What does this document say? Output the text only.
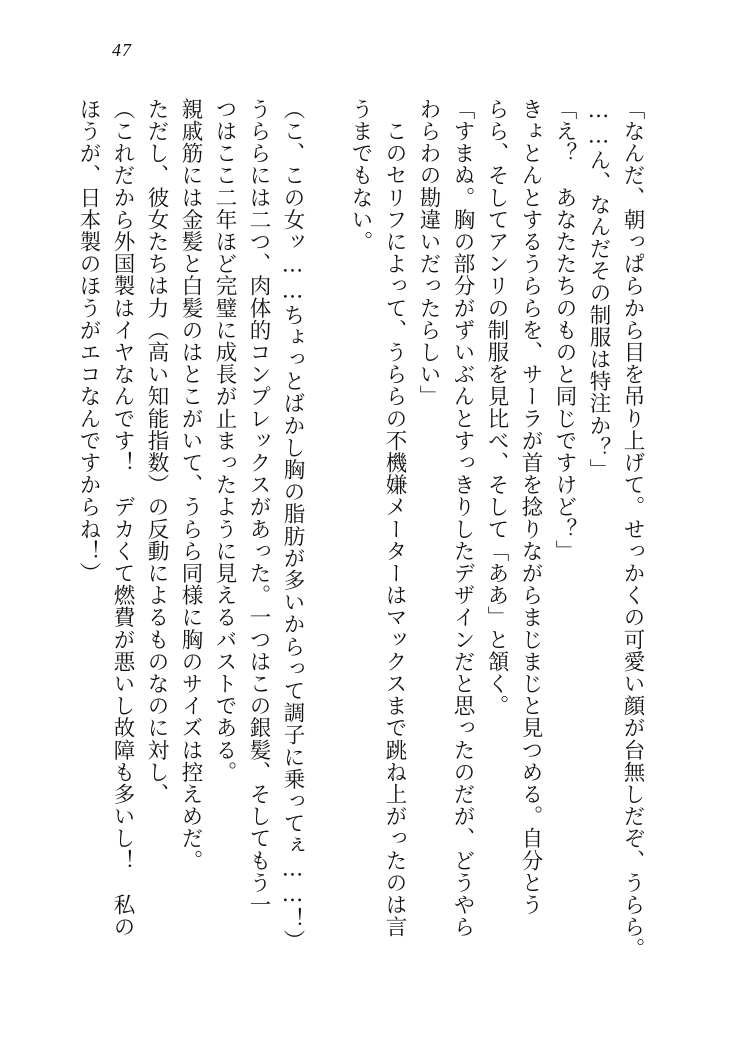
47
「なんだ、朝っぱらから目を吊り上げて。せっかくの可愛い顔が台無しだぞ、うらら。
……ん、なんだその制服は特注か？」
「え？　あなたたちのものと同じですけど？」
きょとんとするうららを、サーラが首を捻りながらまじまじと見つめる。自分とう
らら、そしてアンリの制服を見比べ、そして「ああ」と頷く。
「すまぬ。胸の部分がずいぶんとすっきりしたデザインだと思ったのだが、どうやら
わらわの勘違いだったらしい」
　このセリフによって、うららの不機嫌メーターはマックスまで跳ね上がったのは言
うまでもない。
（こ、この女ッ……ちょっとばかし胸の脂肪が多いからって調子に乗ってぇ……！）
うららには二つ、肉体的コンプレックスがあった。一つはこの銀髪、そしてもう一
つはここ二年ほど完璧に成長が止まったように見えるバストである。
親戚筋には金髪と白髪のはとこがいて、うらら同様に胸のサイズは控えめだ。
ただし、彼女たちは力（高い知能指数）の反動によるものなのに対し、
（これだから外国製はイヤなんです！　デカくて燃費が悪いし故障も多いし！　私の
ほうが、日本製のほうがエコなんですからね！）
